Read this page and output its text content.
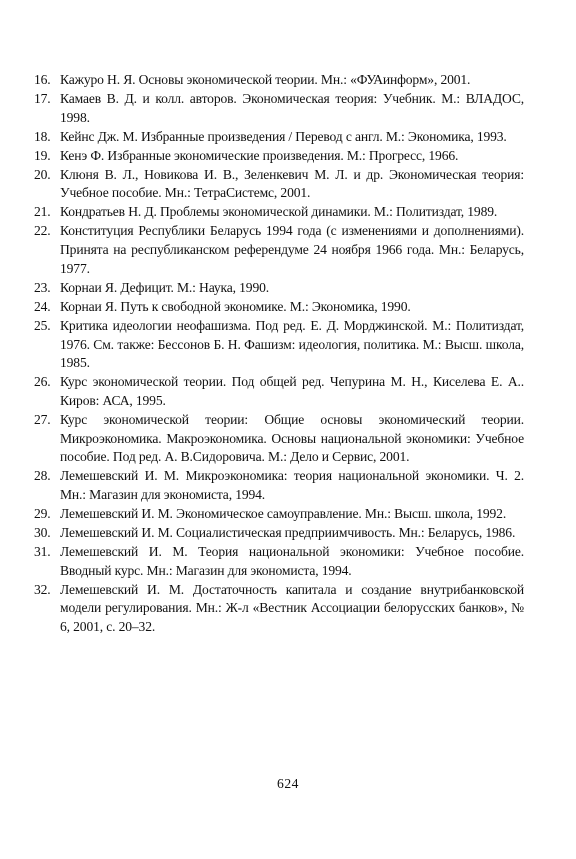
16. Кажуро Н. Я. Основы экономической теории. Мн.: «ФУАинформ», 2001.
17. Камаев В. Д. и колл. авторов. Экономическая теория: Учебник. М.: ВЛАДОС, 1998.
18. Кейнс Дж. М. Избранные произведения / Перевод с англ. М.: Экономика, 1993.
19. Кенэ Ф. Избранные экономические произведения. М.: Прогресс, 1966.
20. Клюня В. Л., Новикова И. В., Зеленкевич М. Л. и др. Экономическая теория: Учебное пособие. Мн.: ТетраСистемс, 2001.
21. Кондратьев Н. Д. Проблемы экономической динамики. М.: Политиздат, 1989.
22. Конституция Республики Беларусь 1994 года (с изменениями и дополнениями). Принята на республиканском референдуме 24 ноября 1966 года. Мн.: Беларусь, 1977.
23. Корнаи Я. Дефицит. М.: Наука, 1990.
24. Корнаи Я. Путь к свободной экономике. М.: Экономика, 1990.
25. Критика идеологии неофашизма. Под ред. Е. Д. Морджинской. М.: Политиздат, 1976. См. также: Бессонов Б. Н. Фашизм: идеология, политика. М.: Высш. школа, 1985.
26. Курс экономической теории. Под общей ред. Чепурина М. Н., Киселева Е. А.. Киров: АСА, 1995.
27. Курс экономической теории: Общие основы экономический теории. Микроэкономика. Макроэкономика. Основы национальной экономики: Учебное пособие. Под ред. А. В.Сидоровича. М.: Дело и Сервис, 2001.
28. Лемешевский И. М. Микроэкономика: теория национальной экономики. Ч. 2. Мн.: Магазин для экономиста, 1994.
29. Лемешевский И. М. Экономическое самоуправление. Мн.: Высш. школа, 1992.
30. Лемешевский И. М. Социалистическая предприимчивость. Мн.: Беларусь, 1986.
31. Лемешевский И. М. Теория национальной экономики: Учебное пособие. Вводный курс. Мн.: Магазин для экономиста, 1994.
32. Лемешевский И. М. Достаточность капитала и создание внутрибанковской модели регулирования. Мн.: Ж-л «Вестник Ассоциации белорусских банков», № 6, 2001, с. 20–32.
624
